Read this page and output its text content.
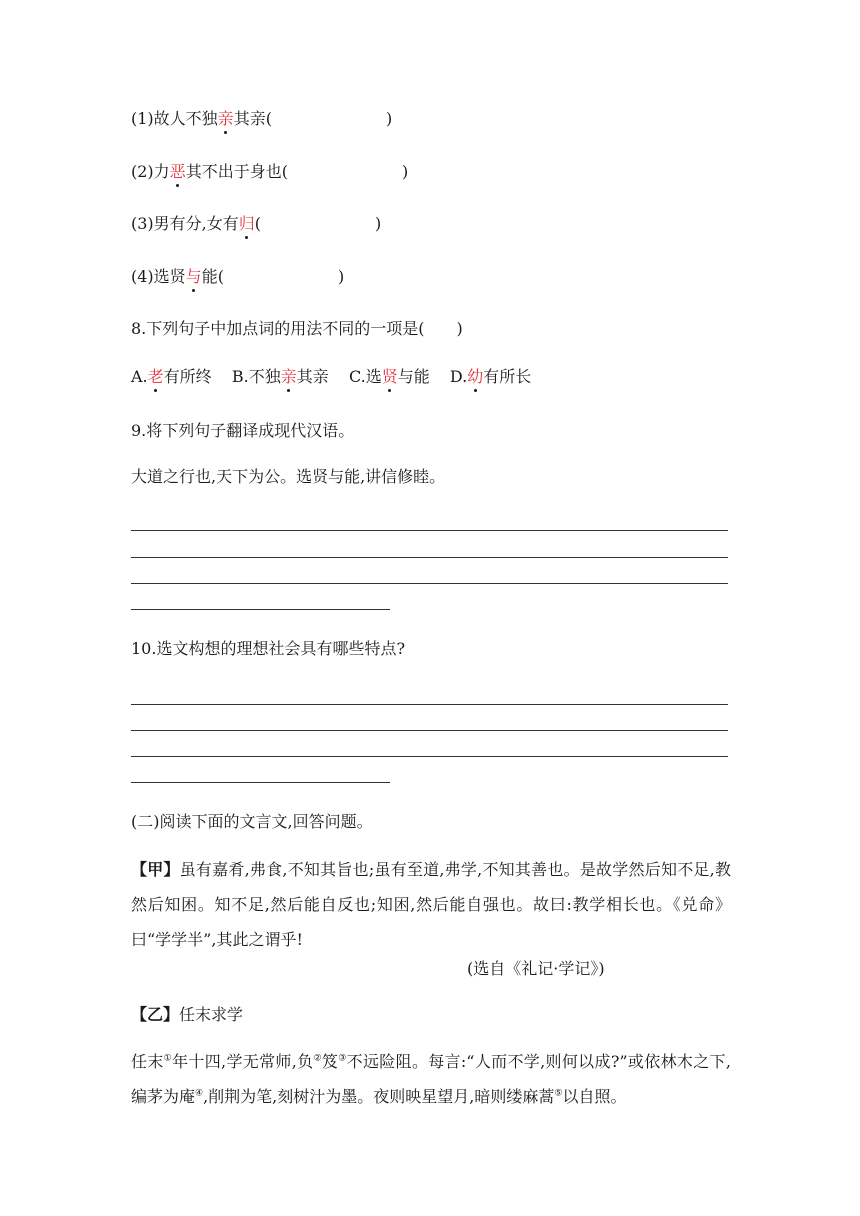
(1)故人不独亲其亲(	)
(2)力恶其不出于身也(	)
(3)男有分,女有归(	)
(4)选贤与能(	)
8.下列句子中加点词的用法不同的一项是(　　)
A.老有所终 B.不独亲其亲 C.选贤与能 D.幼有所长
9.将下列句子翻译成现代汉语。
大道之行也,天下为公。选贤与能,讲信修睦。
10.选文构想的理想社会具有哪些特点?
(二)阅读下面的文言文,回答问题。
【甲】虽有嘉肴,弗食,不知其旨也;虽有至道,弗学,不知其善也。是故学然后知不足,教然后知困。知不足,然后能自反也;知困,然后能自强也。故曰:教学相长也。《兑命》曰“学学半”,其此之谓乎!
(选自《礼记·学记》)
【乙】任末求学
任末①年十四,学无常师,负②笈③不远险阻。每言:“人而不学,则何以成?”或依林木之下,编茅为庵④,削荆为笔,刻树汁为墨。夜则映星望月,暗则缕麻蒿⑤以自照。
